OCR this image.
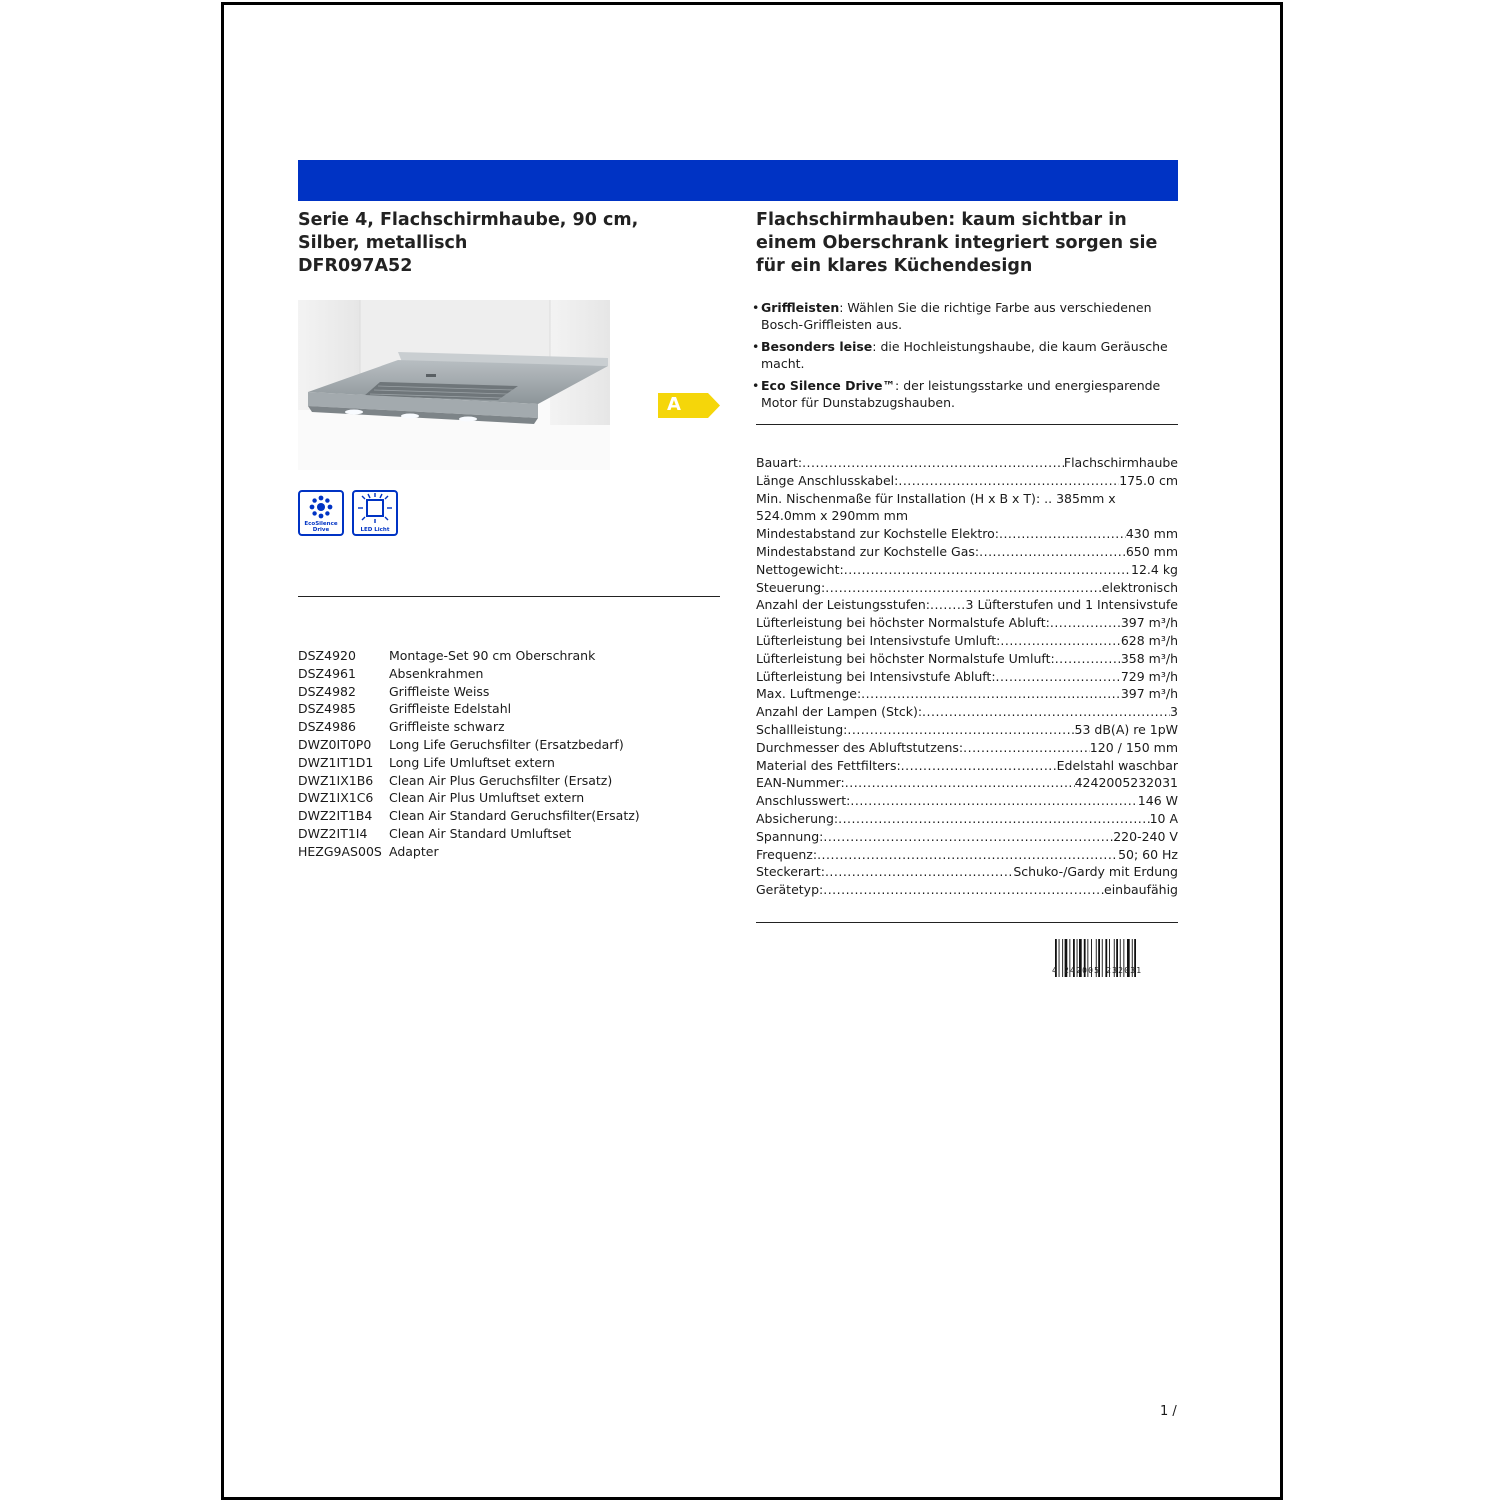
Serie 4, Flachschirmhaube, 90 cm,
Silber, metallisch
DFR097A52
Flachschirmhauben: kaum sichtbar in
einem Oberschrank integriert sorgen sie
für ein klares Küchendesign
A
EcoSilence
Drive	LED Licht
• Griffleisten: Wählen Sie die richtige Farbe aus verschiedenen Bosch-Griffleisten aus.
• Besonders leise: die Hochleistungshaube, die kaum Geräusche macht.
• Eco Silence Drive™: der leistungsstarke und energiesparende Motor für Dunstabzugshauben.
DSZ4920	Montage-Set 90 cm Oberschrank
DSZ4961	Absenkrahmen
DSZ4982	Griffleiste Weiss
DSZ4985	Griffleiste Edelstahl
DSZ4986	Griffleiste schwarz
DWZ0IT0P0	Long Life Geruchsfilter (Ersatzbedarf)
DWZ1IT1D1	Long Life Umluftset extern
DWZ1IX1B6	Clean Air Plus Geruchsfilter (Ersatz)
DWZ1IX1C6	Clean Air Plus Umluftset extern
DWZ2IT1B4	Clean Air Standard Geruchsfilter(Ersatz)
DWZ2IT1I4	Clean Air Standard Umluftset
HEZG9AS00S Adapter
Bauart: .....	Flachschirmhaube
Länge Anschlusskabel: .....	175.0 cm
Min. Nischenmaße für Installation (H x B x T): .. 385mm x 524.0mm x 290mm mm
Mindestabstand zur Kochstelle Elektro: .....	430 mm
Mindestabstand zur Kochstelle Gas: .....	650 mm
Nettogewicht: .....	12.4 kg
Steuerung: .....	elektronisch
Anzahl der Leistungsstufen: .....	3 Lüfterstufen und 1 Intensivstufe
Lüfterleistung bei höchster Normalstufe Abluft: .....	397 m³/h
Lüfterleistung bei Intensivstufe Umluft: .....	628 m³/h
Lüfterleistung bei höchster Normalstufe Umluft: .....	358 m³/h
Lüfterleistung bei Intensivstufe Abluft: .....	729 m³/h
Max. Luftmenge: .....	397 m³/h
Anzahl der Lampen (Stck): .....	3
Schallleistung: .....	53 dB(A) re 1pW
Durchmesser des Abluftstutzens: .....	120 / 150 mm
Material des Fettfilters: .....	Edelstahl waschbar
EAN-Nummer: .....	4242005232031
Anschlusswert: .....	146 W
Absicherung: .....	10 A
Spannung: .....	220-240 V
Frequenz: .....	50; 60 Hz
Steckerart: .....	Schuko-/Gardy mit Erdung
Gerätetyp: .....	einbaufähig
4 242005 232031
1 /
